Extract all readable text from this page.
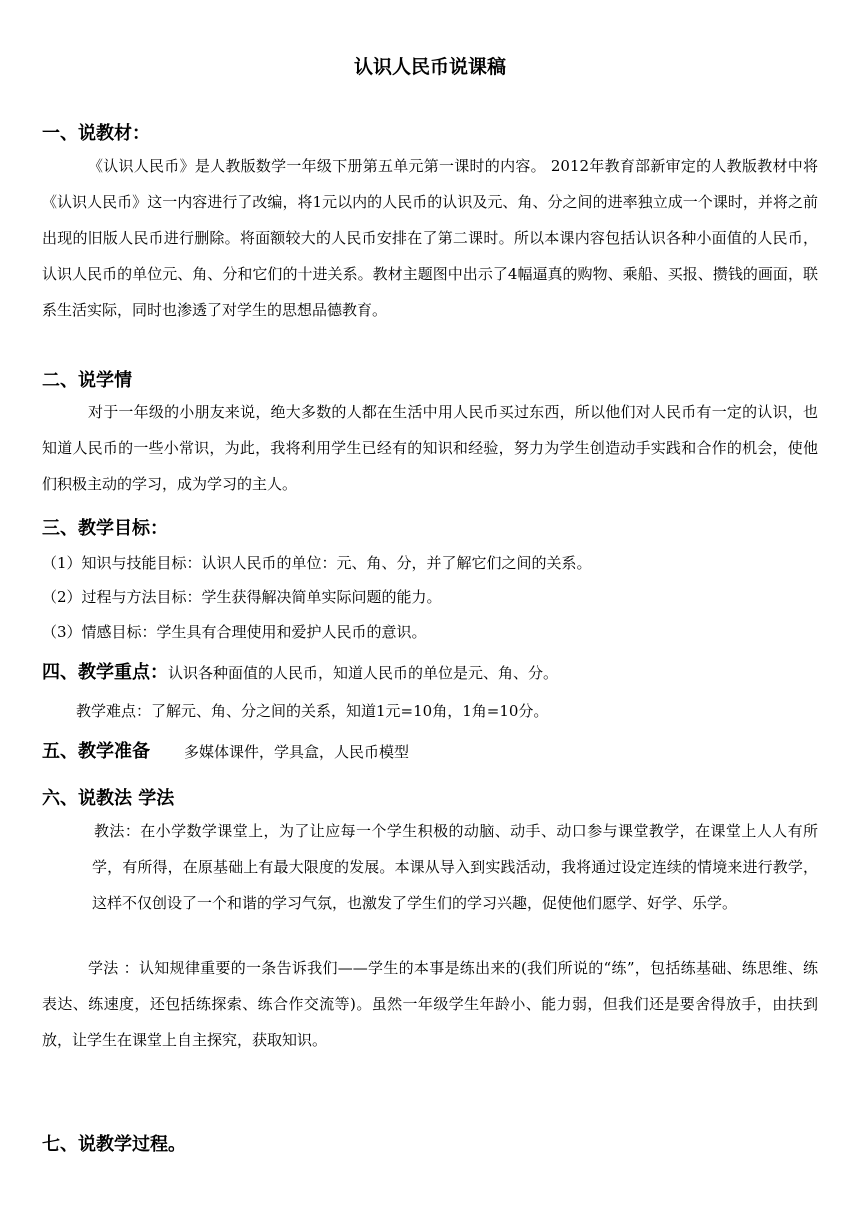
认识人民币说课稿
一、说教材：
《认识人民币》是人教版数学一年级下册第五单元第一课时的内容。 2012年教育部新审定的人教版教材中将《认识人民币》这一内容进行了改编，将1元以内的人民币的认识及元、角、分之间的进率独立成一个课时，并将之前出现的旧版人民币进行删除。将面额较大的人民币安排在了第二课时。所以本课内容包括认识各种小面值的人民币，认识人民币的单位元、角、分和它们的十进关系。教材主题图中出示了4幅逼真的购物、乘船、买报、攒钱的画面，联系生活实际，同时也渗透了对学生的思想品德教育。
二、说学情
对于一年级的小朋友来说，绝大多数的人都在生活中用人民币买过东西，所以他们对人民币有一定的认识，也知道人民币的一些小常识，为此，我将利用学生已经有的知识和经验，努力为学生创造动手实践和合作的机会，使他们积极主动的学习，成为学习的主人。
三、教学目标：
（1）知识与技能目标：认识人民币的单位：元、角、分，并了解它们之间的关系。
（2）过程与方法目标：学生获得解决简单实际问题的能力。
（3）情感目标：学生具有合理使用和爱护人民币的意识。
四、教学重点：认识各种面值的人民币，知道人民币的单位是元、角、分。
教学难点：了解元、角、分之间的关系，知道1元=10角，1角=10分。
五、教学准备 多媒体课件，学具盒，人民币模型
六、说教法 学法
教法：在小学数学课堂上，为了让应每一个学生积极的动脑、动手、动口参与课堂教学，在课堂上人人有所学，有所得，在原基础上有最大限度的发展。本课从导入到实践活动，我将通过设定连续的情境来进行教学，这样不仅创设了一个和谐的学习气氛，也激发了学生们的学习兴趣，促使他们愿学、好学、乐学。
学法 ：认知规律重要的一条告诉我们——学生的本事是练出来的(我们所说的“练”，包括练基础、练思维、练表达、练速度，还包括练探索、练合作交流等)。虽然一年级学生年龄小、能力弱，但我们还是要舍得放手，由扶到放，让学生在课堂上自主探究，获取知识。
七、说教学过程。
